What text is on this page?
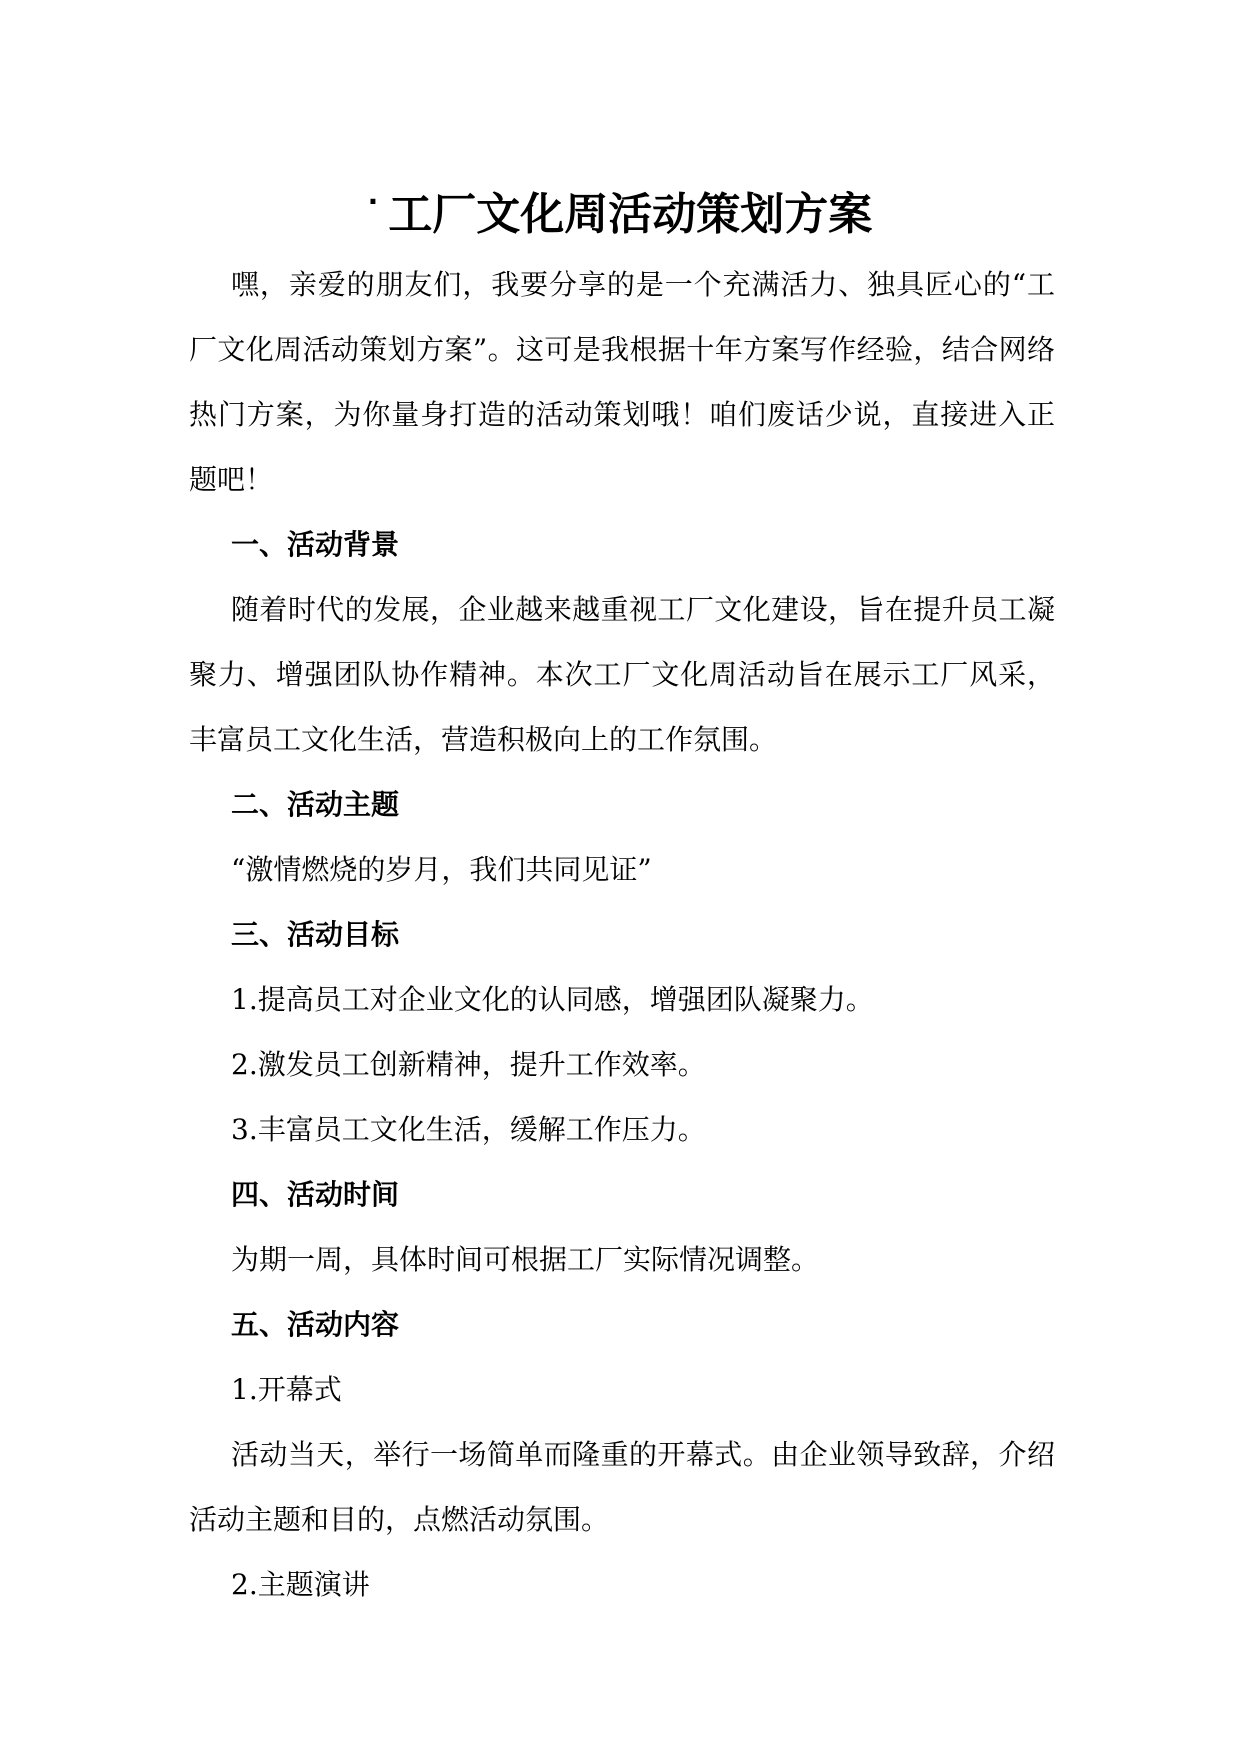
· 工厂文化周活动策划方案

嘿，亲爱的朋友们，我要分享的是一个充满活力、独具匠心的“工厂文化周活动策划方案”。这可是我根据十年方案写作经验，结合网络热门方案，为你量身打造的活动策划哦！咱们废话少说，直接进入正题吧！

一、活动背景

随着时代的发展，企业越来越重视工厂文化建设，旨在提升员工凝聚力、增强团队协作精神。本次工厂文化周活动旨在展示工厂风采，丰富员工文化生活，营造积极向上的工作氛围。

二、活动主题

“激情燃烧的岁月，我们共同见证”

三、活动目标

1.提高员工对企业文化的认同感，增强团队凝聚力。

2.激发员工创新精神，提升工作效率。

3.丰富员工文化生活，缓解工作压力。

四、活动时间

为期一周，具体时间可根据工厂实际情况调整。

五、活动内容

1.开幕式

活动当天，举行一场简单而隆重的开幕式。由企业领导致辞，介绍活动主题和目的，点燃活动氛围。

2.主题演讲
